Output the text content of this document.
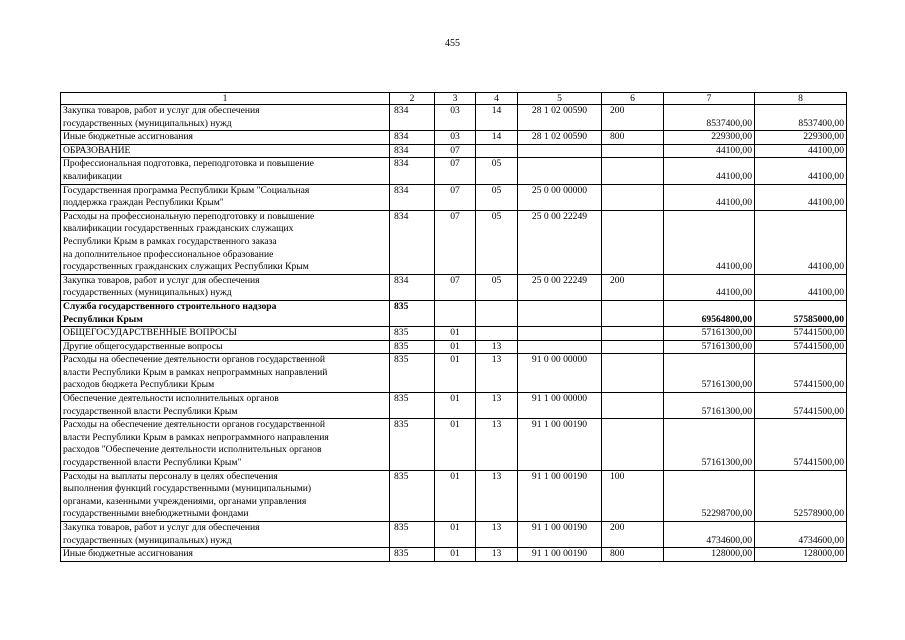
455
1	2	3	4	5	6	7	8

Закупка товаров, работ и услуг для обеспечения
государственных (муниципальных) нужд	834	03	14	28 1 02 00590	200	8537400,00	8537400,00

Иные бюджетные ассигнования	834	03	14	28 1 02 00590	800	229300,00	229300,00

ОБРАЗОВАНИЕ	834	07				44100,00	44100,00

Профессиональная подготовка, переподготовка и повышение
квалификации	834	07	05			44100,00	44100,00

Государственная программа Республики Крым "Социальная
поддержка граждан Республики Крым"	834	07	05	25 0 00 00000		44100,00	44100,00

Расходы на профессиональную переподготовку и повышение
квалификации государственных гражданских служащих
Республики Крым в рамках государственного заказа
на дополнительное профессиональное образование
государственных гражданских служащих Республики Крым	834	07	05	25 0 00 22249		44100,00	44100,00

Закупка товаров, работ и услуг для обеспечения
государственных (муниципальных) нужд	834	07	05	25 0 00 22249	200	44100,00	44100,00

Служба государственного строительного надзора
Республики Крым	835					69564800,00	57585000,00

ОБЩЕГОСУДАРСТВЕННЫЕ ВОПРОСЫ	835	01				57161300,00	57441500,00

Другие общегосударственные вопросы	835	01	13			57161300,00	57441500,00

Расходы на обеспечение деятельности органов государственной
власти Республики Крым в рамках непрограммных направлений
расходов бюджета Республики Крым	835	01	13	91 0 00 00000		57161300,00	57441500,00

Обеспечение деятельности исполнительных органов
государственной власти Республики Крым	835	01	13	91 1 00 00000		57161300,00	57441500,00

Расходы на обеспечение деятельности органов государственной
власти Республики Крым в рамках непрограммного направления
расходов "Обеспечение деятельности исполнительных органов
государственной власти Республики Крым"	835	01	13	91 1 00 00190		57161300,00	57441500,00

Расходы на выплаты персоналу в целях обеспечения
выполнения функций государственными (муниципальными)
органами, казенными учреждениями, органами управления
государственными внебюджетными фондами	835	01	13	91 1 00 00190	100	52298700,00	52578900,00

Закупка товаров, работ и услуг для обеспечения
государственных (муниципальных) нужд	835	01	13	91 1 00 00190	200	4734600,00	4734600,00

Иные бюджетные ассигнования	835	01	13	91 1 00 00190	800	128000,00	128000,00
